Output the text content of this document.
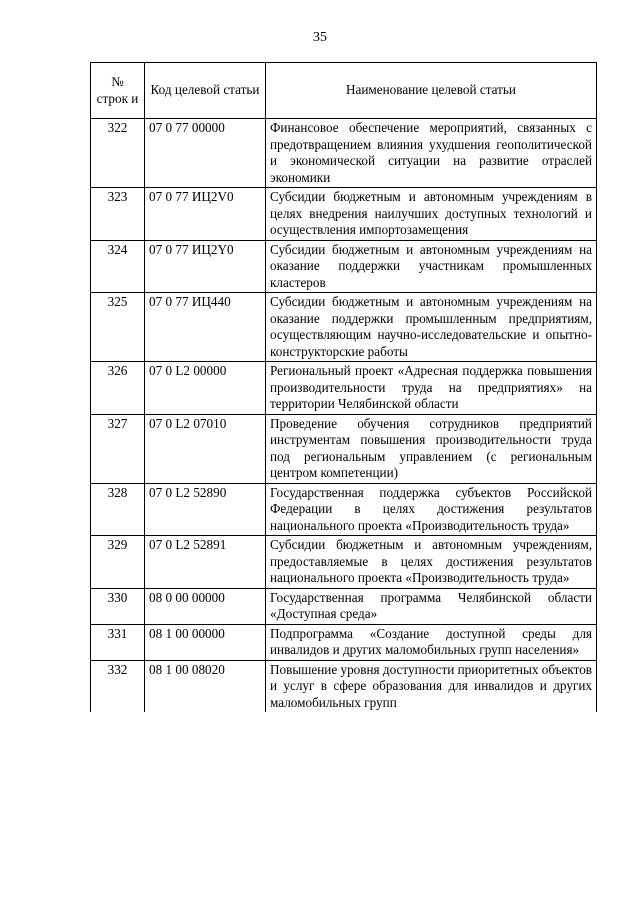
35
№ строк и	Код целевой статьи	Наименование целевой статьи
322	07 0 77 00000	Финансовое обеспечение мероприятий, связанных с предотвращением влияния ухудшения геополитической и экономической ситуации на развитие отраслей экономики
323	07 0 77 ИЦ2V0	Субсидии бюджетным и автономным учреждениям в целях внедрения наилучших доступных технологий и осуществления импортозамещения
324	07 0 77 ИЦ2Y0	Субсидии бюджетным и автономным учреждениям на оказание поддержки участникам промышленных кластеров
325	07 0 77 ИЦ440	Субсидии бюджетным и автономным учреждениям на оказание поддержки промышленным предприятиям, осуществляющим научно-исследовательские и опытно-конструкторские работы
326	07 0 L2 00000	Региональный проект «Адресная поддержка повышения производительности труда на предприятиях» на территории Челябинской области
327	07 0 L2 07010	Проведение обучения сотрудников предприятий инструментам повышения производительности труда под региональным управлением (с региональным центром компетенции)
328	07 0 L2 52890	Государственная поддержка субъектов Российской Федерации в целях достижения результатов национального проекта «Производительность труда»
329	07 0 L2 52891	Субсидии бюджетным и автономным учреждениям, предоставляемые в целях достижения результатов национального проекта «Производительность труда»
330	08 0 00 00000	Государственная программа Челябинской области «Доступная среда»
331	08 1 00 00000	Подпрограмма «Создание доступной среды для инвалидов и других маломобильных групп населения»
332	08 1 00 08020	Повышение уровня доступности приоритетных объектов и услуг в сфере образования для инвалидов и других маломобильных групп
